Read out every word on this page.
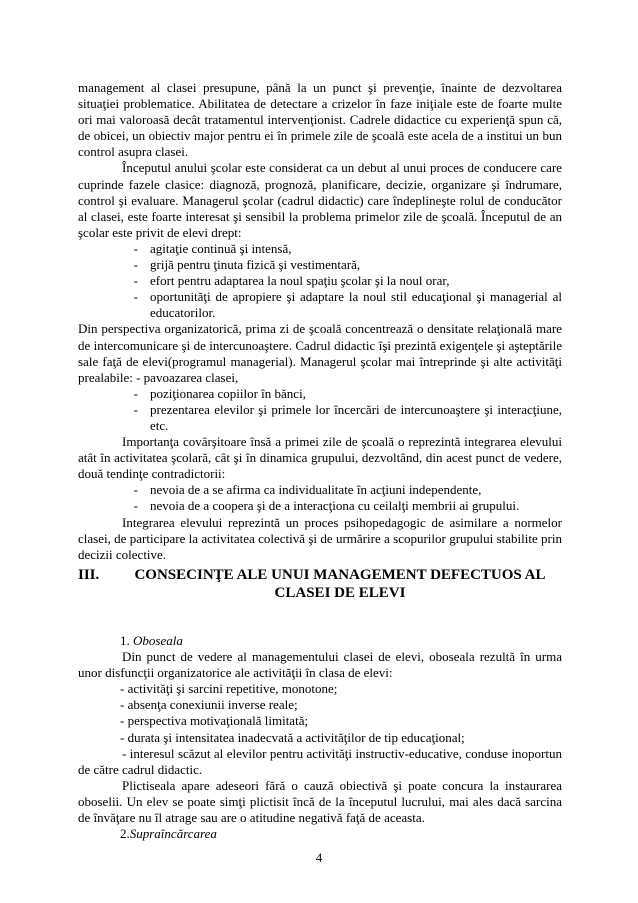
management al clasei presupune, până la un punct şi prevenţie, înainte de dezvoltarea situaţiei problematice. Abilitatea de detectare a crizelor în faze iniţiale este de foarte multe ori mai valoroasă decât tratamentul intervenţionist. Cadrele didactice cu experienţă spun că, de obicei, un obiectiv major pentru ei în primele zile de şcoală este acela de a institui un bun control asupra clasei.

Începutul anului şcolar este considerat ca un debut al unui proces de conducere care cuprinde fazele clasice: diagnoză, prognoză, planificare, decizie, organizare şi îndrumare, control şi evaluare. Managerul şcolar (cadrul didactic) care îndeplineşte rolul de conducător al clasei, este foarte interesat şi sensibil la problema primelor zile de şcoală. Începutul de an şcolar este privit de elevi drept:

- agitaţie continuă şi intensă,
- grijă pentru ţinuta fizică şi vestimentară,
- efort pentru adaptarea la noul spaţiu şcolar şi la noul orar,
- oportunităţi de apropiere şi adaptare la noul stil educaţional şi managerial al educatorilor.

Din perspectiva organizatorică, prima zi de şcoală concentrează o densitate relaţională mare de intercomunicare şi de intercunoaştere. Cadrul didactic îşi prezintă exigenţele şi aşteptările sale faţă de elevi(programul managerial). Managerul şcolar mai întreprinde şi alte activităţi prealabile: - pavoazarea clasei,

- poziţionarea copiilor în bănci,
- prezentarea elevilor şi primele lor încercări de intercunoaştere şi interacţiune, etc.

Importanţa covârşitoare însă a primei zile de şcoală o reprezintă integrarea elevului atât în activitatea şcolară, cât şi în dinamica grupului, dezvoltând, din acest punct de vedere, două tendinţe contradictorii:

- nevoia de a se afirma ca individualitate în acţiuni independente,
- nevoia de a coopera şi de a interacţiona cu ceilalţi membrii ai grupului.

Integrarea elevului reprezintă un proces psihopedagogic de asimilare a normelor clasei, de participare la activitatea colectivă şi de urmărire a scopurilor grupului stabilite prin decizii colective.

III.	CONSECINŢE ALE UNUI MANAGEMENT DEFECTUOS AL CLASEI DE ELEVI

1. Oboseala

Din punct de vedere al managementului clasei de elevi, oboseala rezultă în urma unor disfuncţii organizatorice ale activităţii în clasa de elevi:

- activităţi şi sarcini repetitive, monotone;

- absenţa conexiunii inverse reale;

- perspectiva motivaţională limitată;

- durata şi intensitatea inadecvată a activităţilor de tip educaţional;

- interesul scăzut al elevilor pentru activităţi instructiv-educative, conduse inoportun de către cadrul didactic.

Plictiseala apare adeseori fără o cauză obiectivă şi poate concura la instaurarea oboselii. Un elev se poate simţi plictisit încă de la începutul lucrului, mai ales dacă sarcina de învăţare nu îl atrage sau are o atitudine negativă faţă de aceasta.

2.Supraîncărcarea

4
